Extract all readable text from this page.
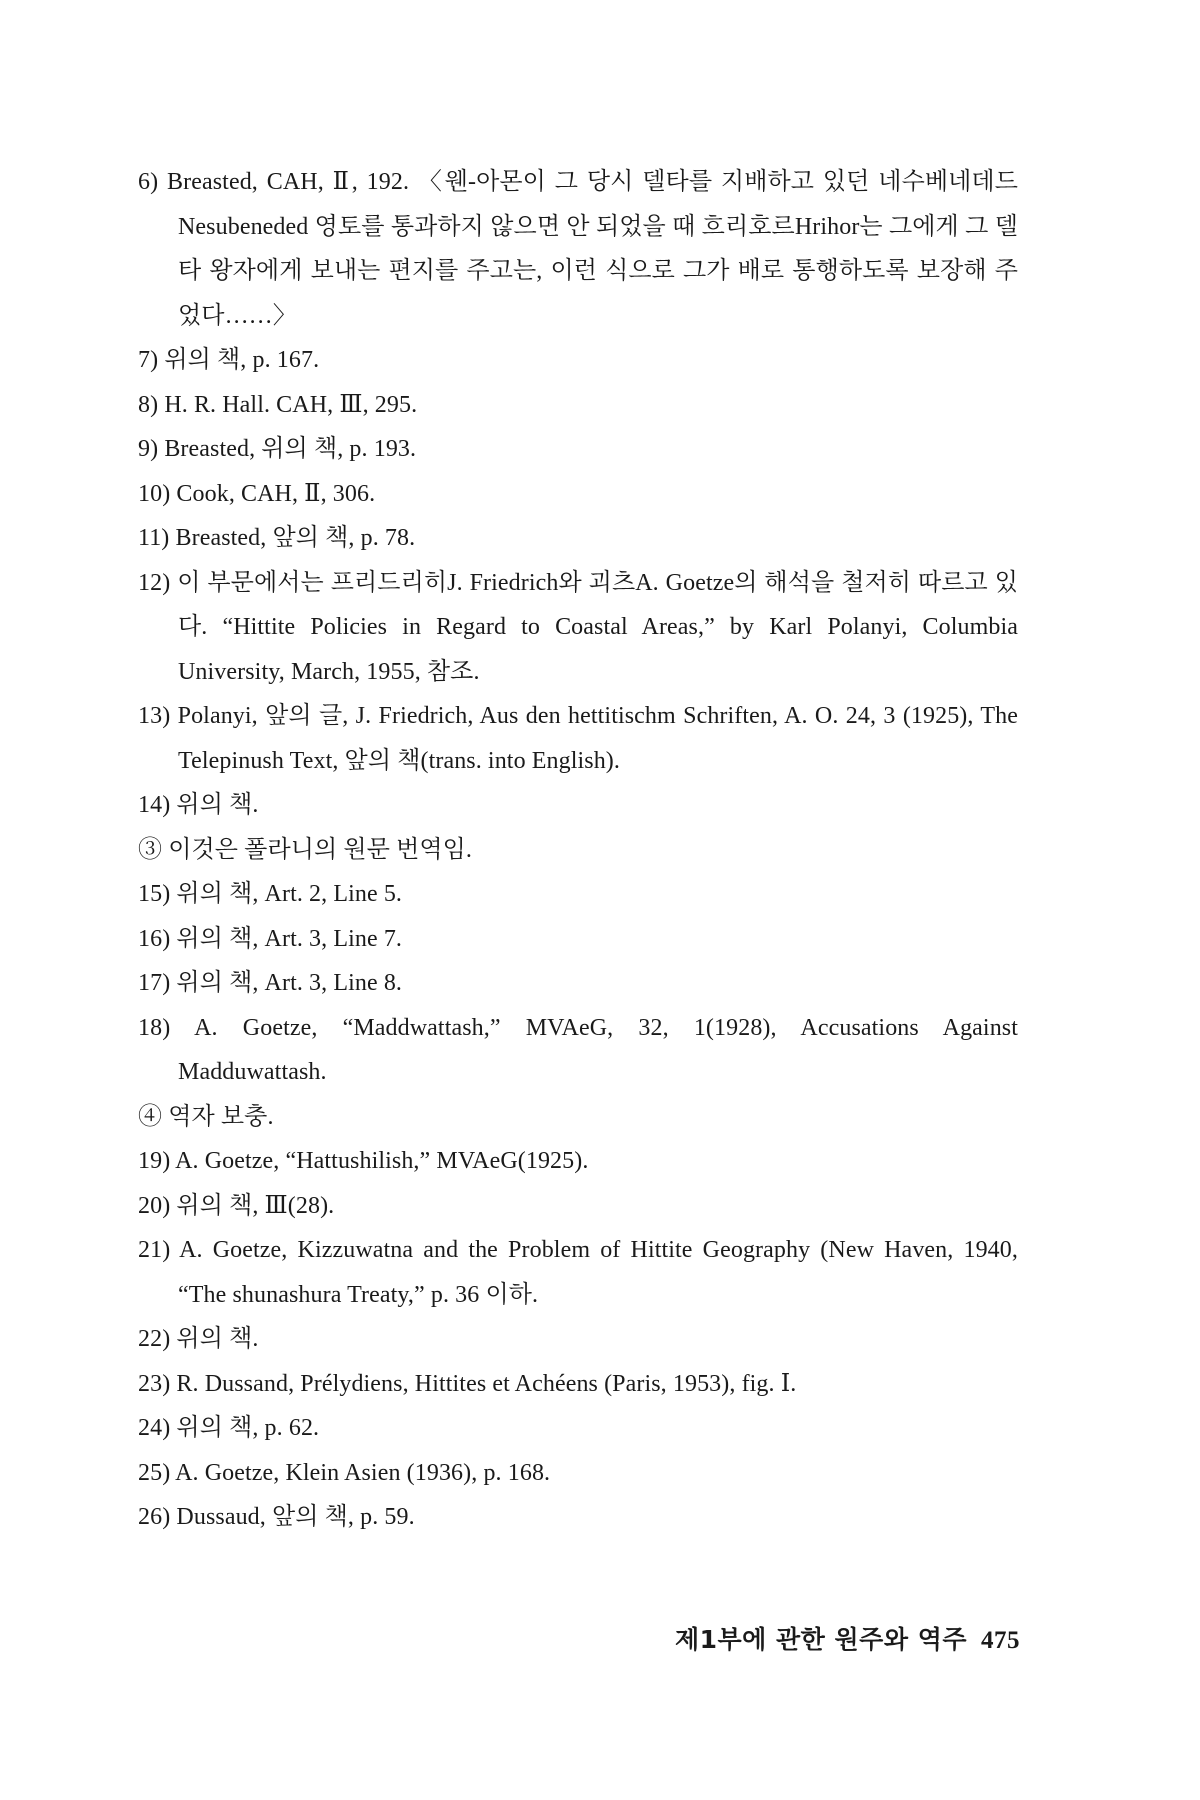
6) Breasted, CAH, Ⅱ, 192. 〈웬-아몬이 그 당시 델타를 지배하고 있던 네수베네데드Nesubeneded 영토를 통과하지 않으면 안 되었을 때 흐리호르Hrihor는 그에게 그 델타 왕자에게 보내는 편지를 주고는, 이런 식으로 그가 배로 통행하도록 보장해 주었다……〉

7) 위의 책, p. 167.

8) H. R. Hall. CAH, Ⅲ, 295.

9) Breasted, 위의 책, p. 193.

10) Cook, CAH, Ⅱ, 306.

11) Breasted, 앞의 책, p. 78.

12) 이 부문에서는 프리드리히J. Friedrich와 괴츠A. Goetze의 해석을 철저히 따르고 있다. “Hittite Policies in Regard to Coastal Areas,” by Karl Polanyi, Columbia University, March, 1955, 참조.

13) Polanyi, 앞의 글, J. Friedrich, Aus den hettitischm Schriften, A. O. 24, 3 (1925), The Telepinush Text, 앞의 책(trans. into English).

14) 위의 책.

③ 이것은 폴라니의 원문 번역임.

15) 위의 책, Art. 2, Line 5.

16) 위의 책, Art. 3, Line 7.

17) 위의 책, Art. 3, Line 8.

18) A. Goetze, “Maddwattash,” MVAeG, 32, 1(1928), Accusations Against Madduwattash.

④ 역자 보충.

19) A. Goetze, “Hattushilish,” MVAeG(1925).

20) 위의 책, Ⅲ(28).

21) A. Goetze, Kizzuwatna and the Problem of Hittite Geography (New Haven, 1940, “The shunashura Treaty,” p. 36 이하.

22) 위의 책.

23) R. Dussand, Prélydiens, Hittites et Achéens (Paris, 1953), fig. Ⅰ.

24) 위의 책, p. 62.

25) A. Goetze, Klein Asien (1936), p. 168.

26) Dussaud, 앞의 책, p. 59.

제1부에 관한 원주와 역주 475
